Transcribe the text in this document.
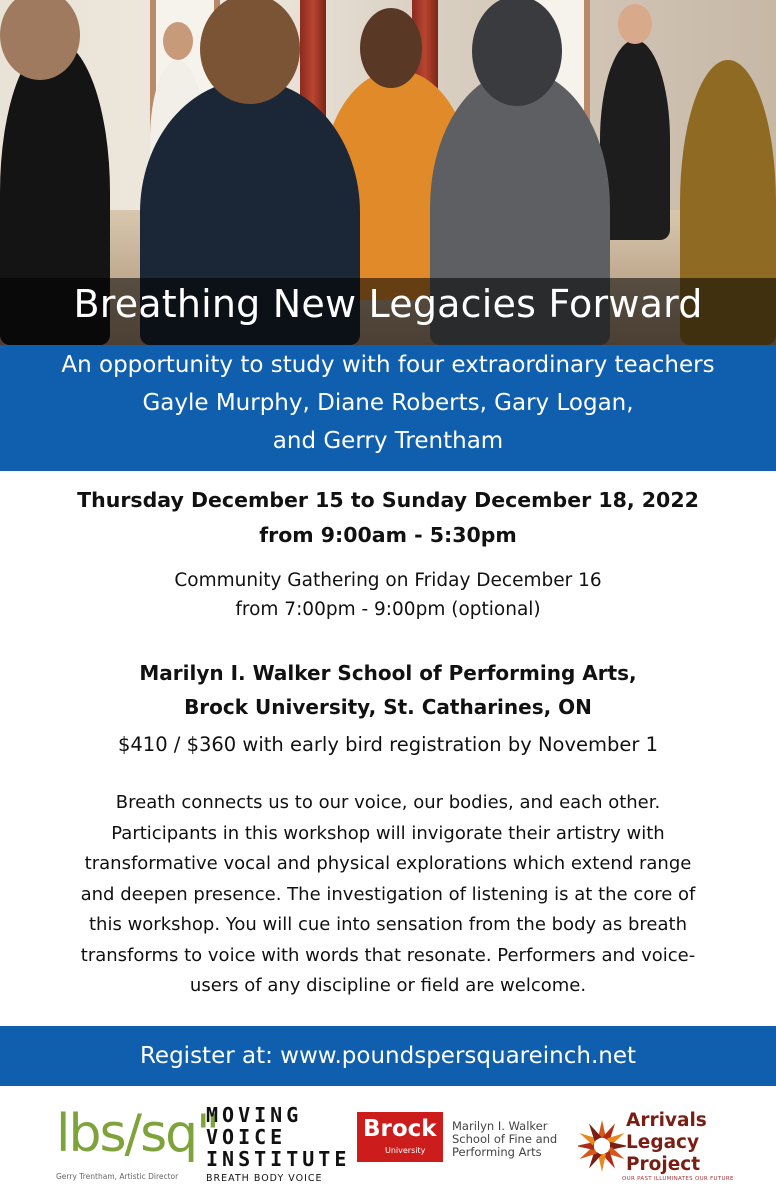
Breathing New Legacies Forward
An opportunity to study with four extraordinary teachers
Gayle Murphy, Diane Roberts, Gary Logan,
and Gerry Trentham
Thursday December 15 to Sunday December 18, 2022
from 9:00am - 5:30pm
Community Gathering on Friday December 16
from 7:00pm - 9:00pm (optional)
Marilyn I. Walker School of Performing Arts,
Brock University, St. Catharines, ON
$410 / $360 with early bird registration by November 1
Breath connects us to our voice, our bodies, and each other.
Participants in this workshop will invigorate their artistry with
transformative vocal and physical explorations which extend range
and deepen presence. The investigation of listening is at the core of
this workshop. You will cue into sensation from the body as breath
transforms to voice with words that resonate. Performers and voice-
users of any discipline or field are welcome.
Register at: www.poundspersquareinch.net
lbs/sq"
Gerry Trentham, Artistic Director
MOVING
VOICE
INSTITUTE
BREATH BODY VOICE
Brock
University
Marilyn I. Walker
School of Fine and
Performing Arts
Arrivals
Legacy
Project
OUR PAST ILLUMINATES OUR FUTURE
